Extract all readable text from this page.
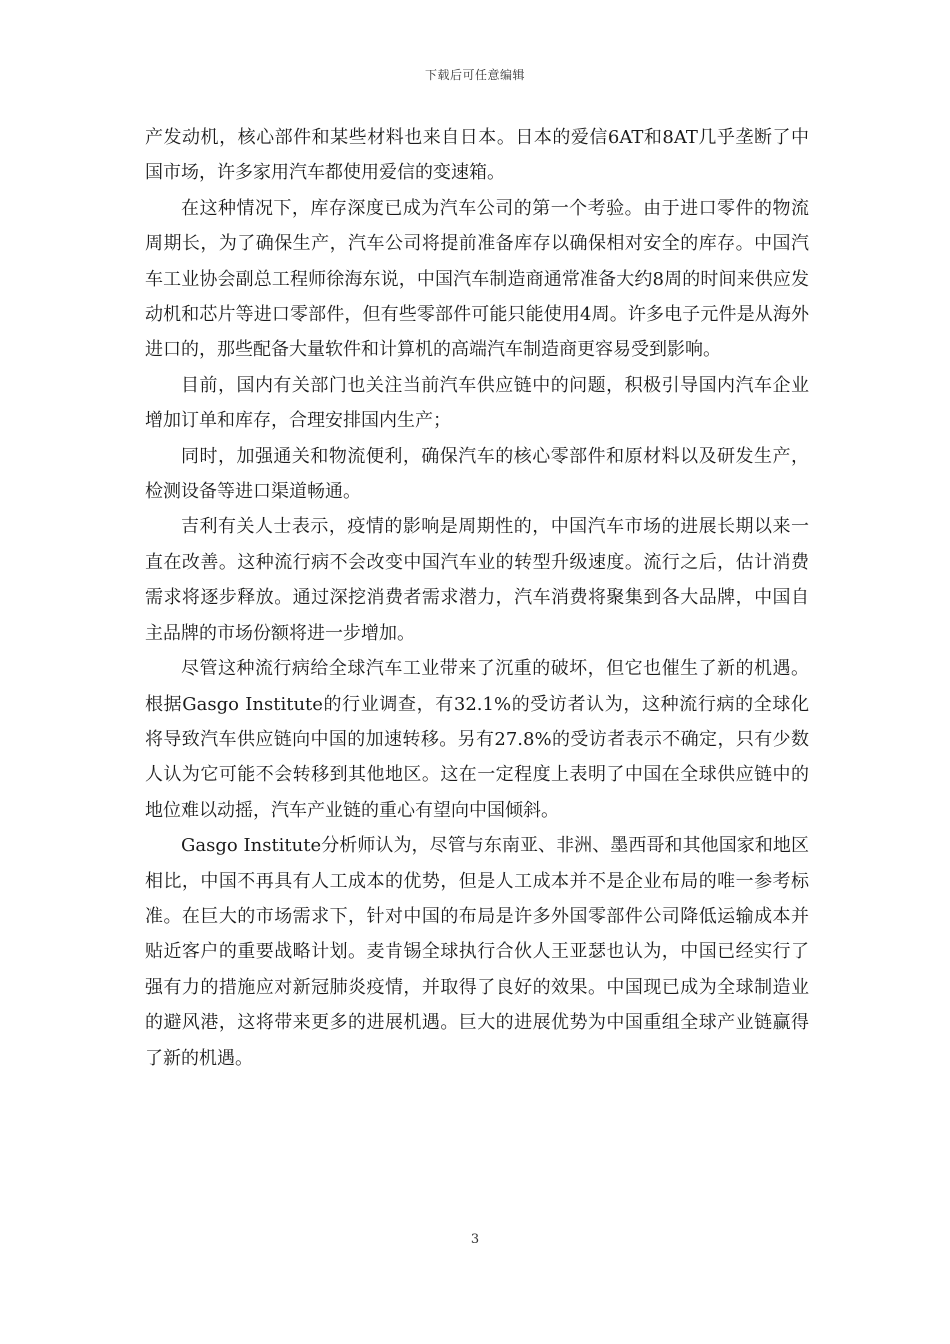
下载后可任意编辑

产发动机，核心部件和某些材料也来自日本。日本的爱信6AT和8AT几乎垄断了中国市场，许多家用汽车都使用爱信的变速箱。

在这种情况下，库存深度已成为汽车公司的第一个考验。由于进口零件的物流周期长，为了确保生产，汽车公司将提前准备库存以确保相对安全的库存。中国汽车工业协会副总工程师徐海东说，中国汽车制造商通常准备大约8周的时间来供应发动机和芯片等进口零部件，但有些零部件可能只能使用4周。许多电子元件是从海外进口的，那些配备大量软件和计算机的高端汽车制造商更容易受到影响。

目前，国内有关部门也关注当前汽车供应链中的问题，积极引导国内汽车企业增加订单和库存，合理安排国内生产；

同时，加强通关和物流便利，确保汽车的核心零部件和原材料以及研发生产，检测设备等进口渠道畅通。

吉利有关人士表示，疫情的影响是周期性的，中国汽车市场的进展长期以来一直在改善。这种流行病不会改变中国汽车业的转型升级速度。流行之后，估计消费需求将逐步释放。通过深挖消费者需求潜力，汽车消费将聚集到各大品牌，中国自主品牌的市场份额将进一步增加。

尽管这种流行病给全球汽车工业带来了沉重的破坏，但它也催生了新的机遇。根据Gasgo Institute的行业调查，有32.1%的受访者认为，这种流行病的全球化将导致汽车供应链向中国的加速转移。另有27.8%的受访者表示不确定，只有少数人认为它可能不会转移到其他地区。这在一定程度上表明了中国在全球供应链中的地位难以动摇，汽车产业链的重心有望向中国倾斜。

Gasgo Institute分析师认为，尽管与东南亚、非洲、墨西哥和其他国家和地区相比，中国不再具有人工成本的优势，但是人工成本并不是企业布局的唯一参考标准。在巨大的市场需求下，针对中国的布局是许多外国零部件公司降低运输成本并贴近客户的重要战略计划。麦肯锡全球执行合伙人王亚瑟也认为，中国已经实行了强有力的措施应对新冠肺炎疫情，并取得了良好的效果。中国现已成为全球制造业的避风港，这将带来更多的进展机遇。巨大的进展优势为中国重组全球产业链赢得了新的机遇。

3
